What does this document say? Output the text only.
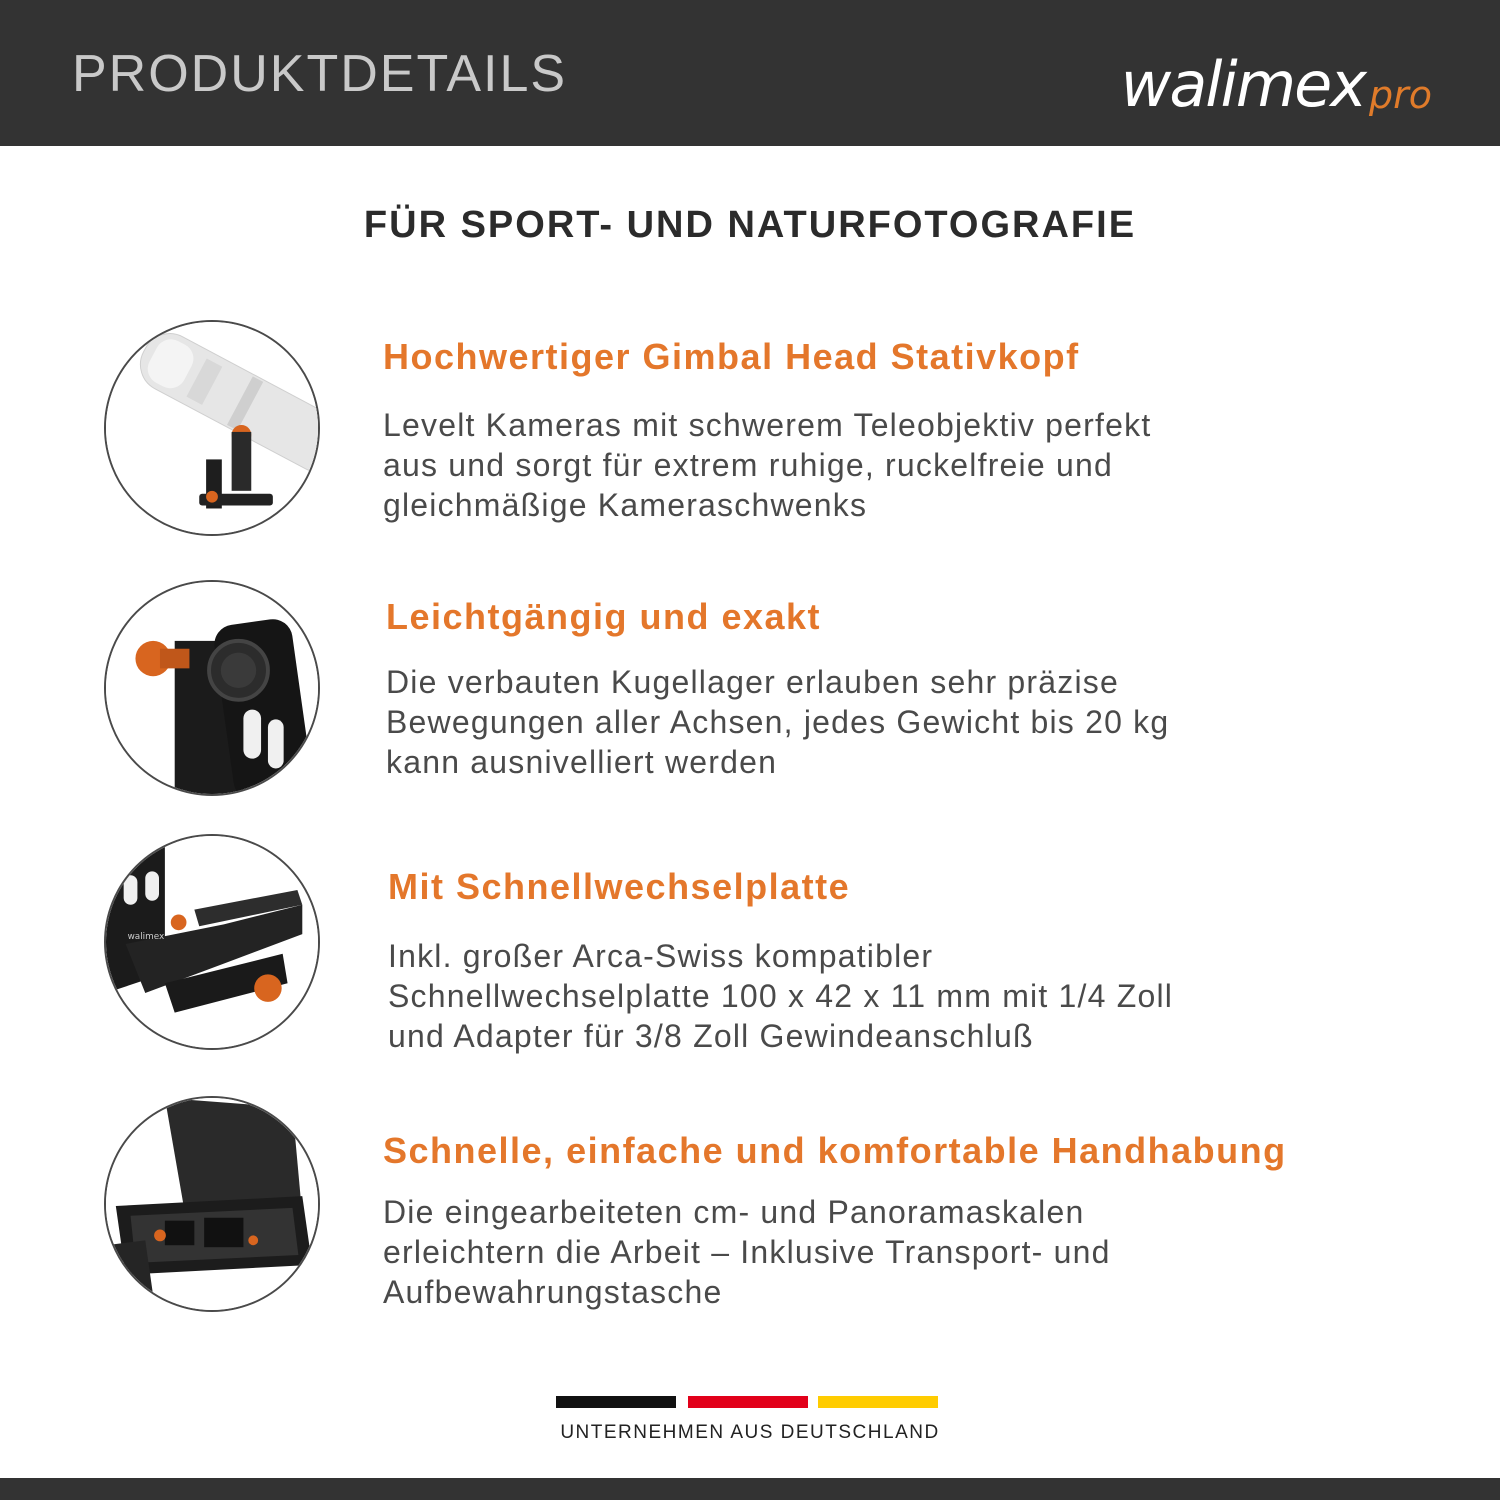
PRODUKTDETAILS	walimex pro
FÜR SPORT- UND NATURFOTOGRAFIE
Hochwertiger Gimbal Head Stativkopf
Levelt Kameras mit schwerem Teleobjektiv perfekt
aus und sorgt für extrem ruhige, ruckelfreie und
gleichmäßige Kameraschwenks
Leichtgängig und exakt
Die verbauten Kugellager erlauben sehr präzise
Bewegungen aller Achsen, jedes Gewicht bis 20 kg
kann ausnivelliert werden
walimex
Mit Schnellwechselplatte
Inkl. großer Arca-Swiss kompatibler
Schnellwechselplatte 100 x 42 x 11 mm mit 1/4 Zoll
und Adapter für 3/8 Zoll Gewindeanschluß
Schnelle, einfache und komfortable Handhabung
Die eingearbeiteten cm- und Panoramaskalen
erleichtern die Arbeit – Inklusive Transport- und
Aufbewahrungstasche
UNTERNEHMEN AUS DEUTSCHLAND
